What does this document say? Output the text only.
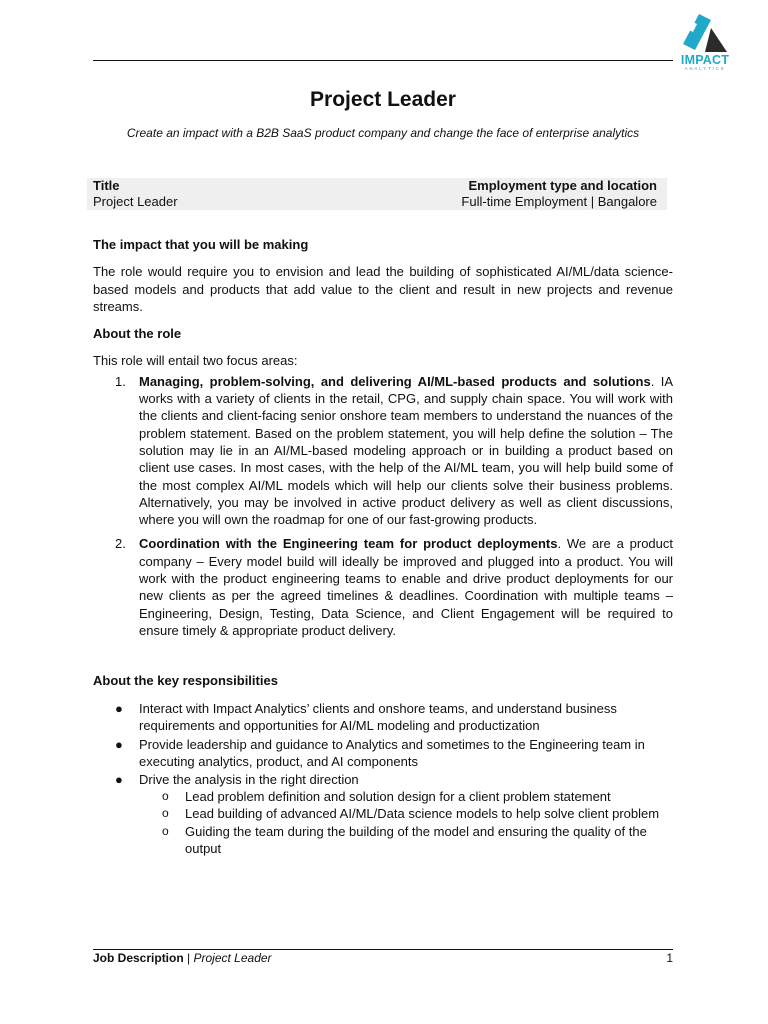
IMPACT
ANALYTICS
Project Leader

Create an impact with a B2B SaaS product company and change the face of enterprise analytics

Title	Employment type and location
Project Leader	Full-time Employment | Bangalore

The impact that you will be making

The role would require you to envision and lead the building of sophisticated AI/ML/data science-based models and products that add value to the client and result in new projects and revenue streams.

About the role

This role will entail two focus areas:

1. Managing, problem-solving, and delivering AI/ML-based products and solutions. IA works with a variety of clients in the retail, CPG, and supply chain space. You will work with the clients and client-facing senior onshore team members to understand the nuances of the problem statement. Based on the problem statement, you will help define the solution – The solution may lie in an AI/ML-based modeling approach or in building a product based on client use cases. In most cases, with the help of the AI/ML team, you will help build some of the most complex AI/ML models which will help our clients solve their business problems. Alternatively, you may be involved in active product delivery as well as client discussions, where you will own the roadmap for one of our fast-growing products.

2. Coordination with the Engineering team for product deployments. We are a product company – Every model build will ideally be improved and plugged into a product. You will work with the product engineering teams to enable and drive product deployments for our new clients as per the agreed timelines & deadlines. Coordination with multiple teams – Engineering, Design, Testing, Data Science, and Client Engagement will be required to ensure timely & appropriate product delivery.

About the key responsibilities

● Interact with Impact Analytics’ clients and onshore teams, and understand business requirements and opportunities for AI/ML modeling and productization
● Provide leadership and guidance to Analytics and sometimes to the Engineering team in executing analytics, product, and AI components
● Drive the analysis in the right direction
o Lead problem definition and solution design for a client problem statement
o Lead building of advanced AI/ML/Data science models to help solve client problem
o Guiding the team during the building of the model and ensuring the quality of the output
Job Description | Project Leader	1
